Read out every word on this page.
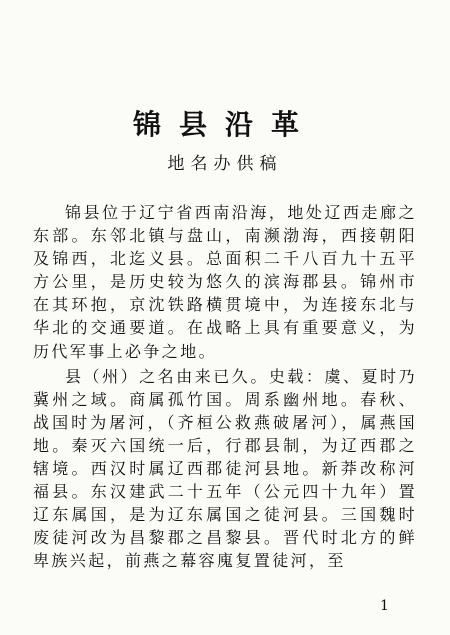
锦县沿革
地名办供稿

锦县位于辽宁省西南沿海，地处辽西走廊之东部。东邻北镇与盘山，南濒渤海，西接朝阳及锦西，北迄义县。总面积二千八百九十五平方公里，是历史较为悠久的滨海郡县。锦州市在其环抱，京沈铁路横贯境中，为连接东北与华北的交通要道。在战略上具有重要意义，为历代军事上必争之地。

县（州）之名由来已久。史载：虞、夏时乃冀州之域。商属孤竹国。周系幽州地。春秋、战国时为屠河，（齐桓公救燕破屠河），属燕国地。秦灭六国统一后，行郡县制，为辽西郡之辖境。西汉时属辽西郡徒河县地。新莽改称河福县。东汉建武二十五年（公元四十九年）置辽东属国，是为辽东属国之徒河县。三国魏时废徒河改为昌黎郡之昌黎县。晋代时北方的鲜卑族兴起，前燕之幕容廆复置徒河，至

1
